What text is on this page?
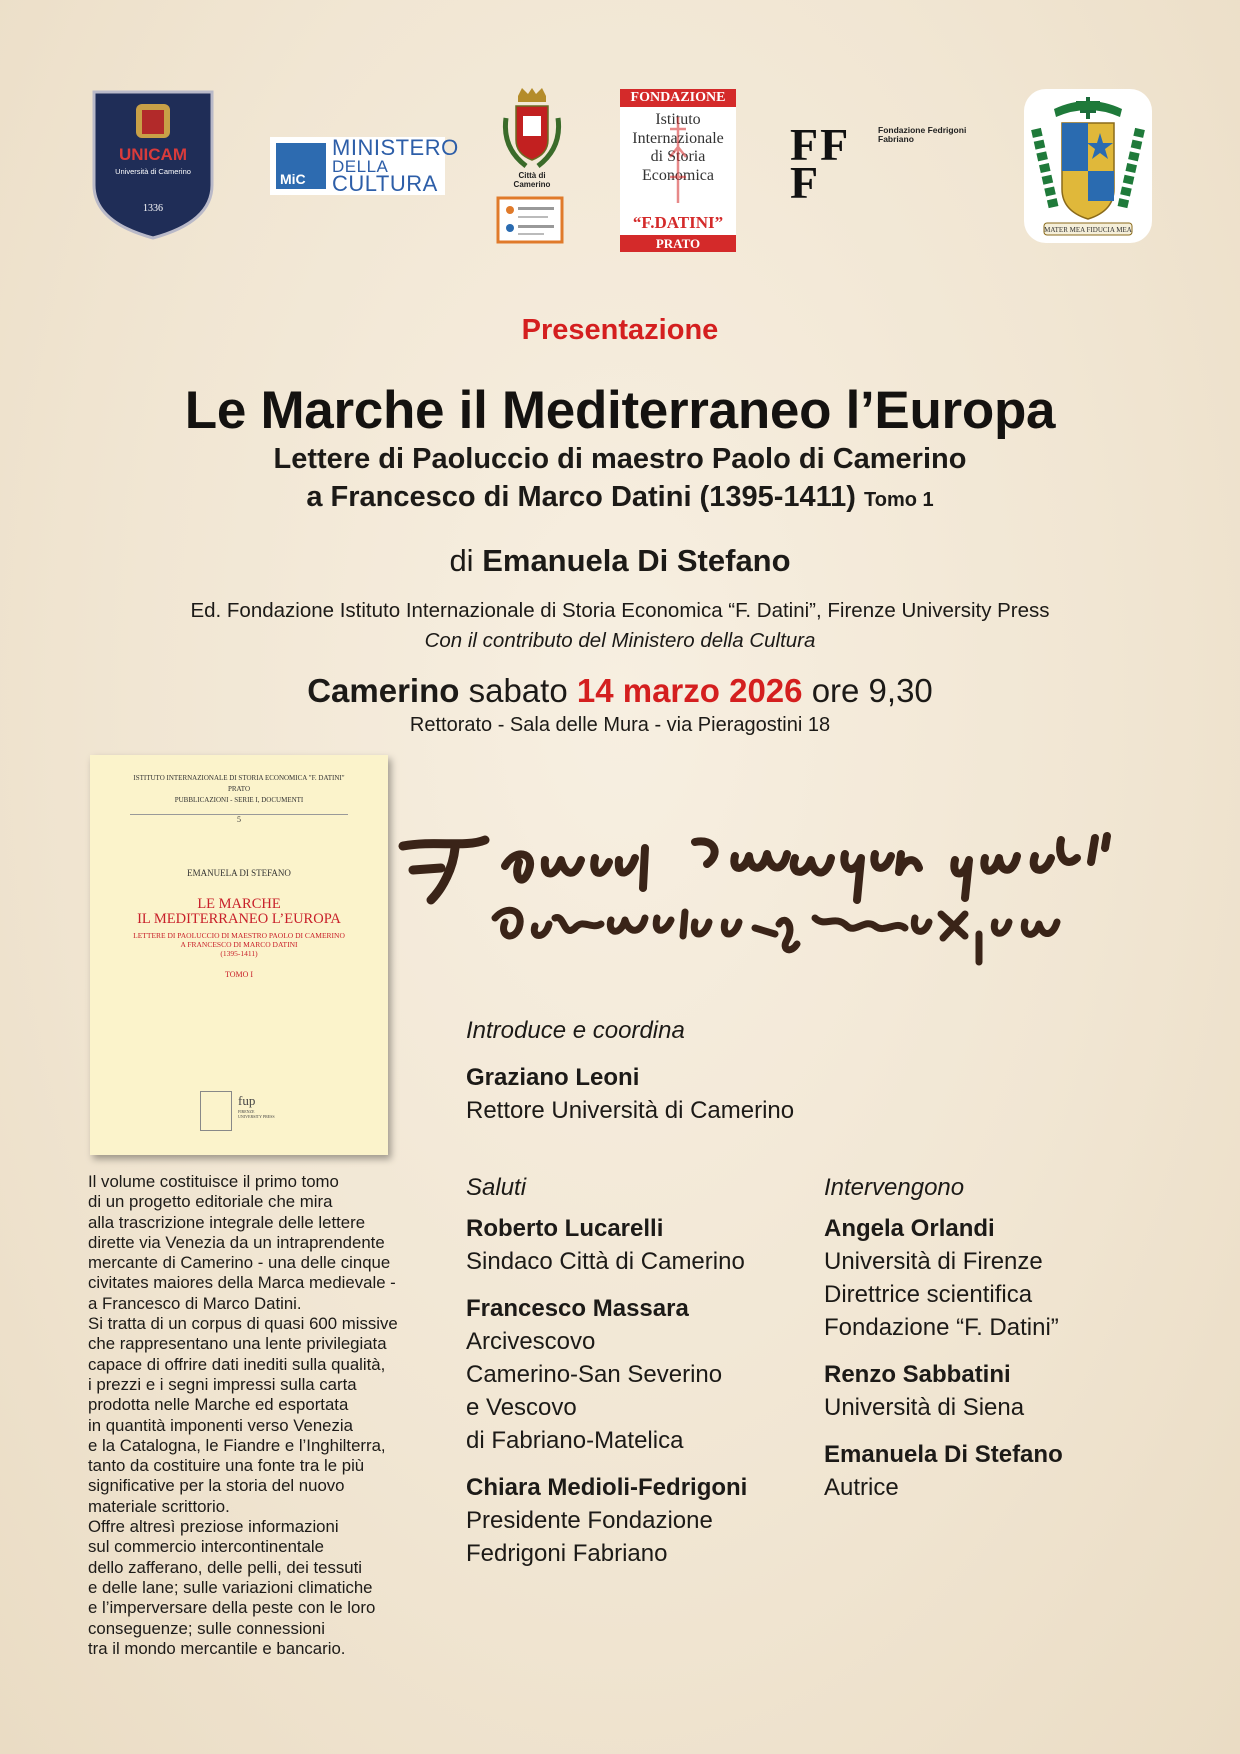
UNICAM
Università di Camerino
1336
MiC
MINISTERO
DELLA
CULTURA	Città di
Camerino
FONDAZIONE
Istituto
Internazionale
di Storia
Economica
“F.DATINI”
PRATO
FF
F
Fondazione Fedrigoni
Fabriano
MATER MEA FIDUCIA MEA
Presentazione
Le Marche il Mediterraneo l’Europa
Lettere di Paoluccio di maestro Paolo di Camerino
a Francesco di Marco Datini (1395-1411) Tomo 1
di Emanuela Di Stefano
Ed. Fondazione Istituto Internazionale di Storia Economica “F. Datini”, Firenze University Press
Con il contributo del Ministero della Cultura
Camerino sabato 14 marzo 2026 ore 9,30
Rettorato - Sala delle Mura - via Pieragostini 18
ISTITUTO INTERNAZIONALE DI STORIA ECONOMICA "F. DATINI"
PRATO
PUBBLICAZIONI - SERIE I, DOCUMENTI
5
EMANUELA DI STEFANO
LE MARCHE
IL MEDITERRANEO L’EUROPA
LETTERE DI PAOLUCCIO DI MAESTRO PAOLO DI CAMERINO
A FRANCESCO DI MARCO DATINI
(1395-1411)
TOMO I
fup
FIRENZE UNIVERSITY PRESS
Il volume costituisce il primo tomo
di un progetto editoriale che mira
alla trascrizione integrale delle lettere
dirette via Venezia da un intraprendente
mercante di Camerino - una delle cinque
civitates maiores della Marca medievale -
a Francesco di Marco Datini.
Si tratta di un corpus di quasi 600 missive
che rappresentano una lente privilegiata
capace di offrire dati inediti sulla qualità,
i prezzi e i segni impressi sulla carta
prodotta nelle Marche ed esportata
in quantità imponenti verso Venezia
e la Catalogna, le Fiandre e l’Inghilterra,
tanto da costituire una fonte tra le più
significative per la storia del nuovo
materiale scrittorio.
Offre altresì preziose informazioni
sul commercio intercontinentale
dello zafferano, delle pelli, dei tessuti
e delle lane; sulle variazioni climatiche
e l’imperversare della peste con le loro
conseguenze; sulle connessioni
tra il mondo mercantile e bancario.
Introduce e coordina
Graziano Leoni
Rettore Università di Camerino
Saluti
Roberto Lucarelli
Sindaco Città di Camerino
Francesco Massara
Arcivescovo
Camerino-San Severino
e Vescovo
di Fabriano-Matelica
Chiara Medioli-Fedrigoni
Presidente Fondazione
Fedrigoni Fabriano
Intervengono
Angela Orlandi
Università di Firenze
Direttrice scientifica
Fondazione “F. Datini”
Renzo Sabbatini
Università di Siena
Emanuela Di Stefano
Autrice
